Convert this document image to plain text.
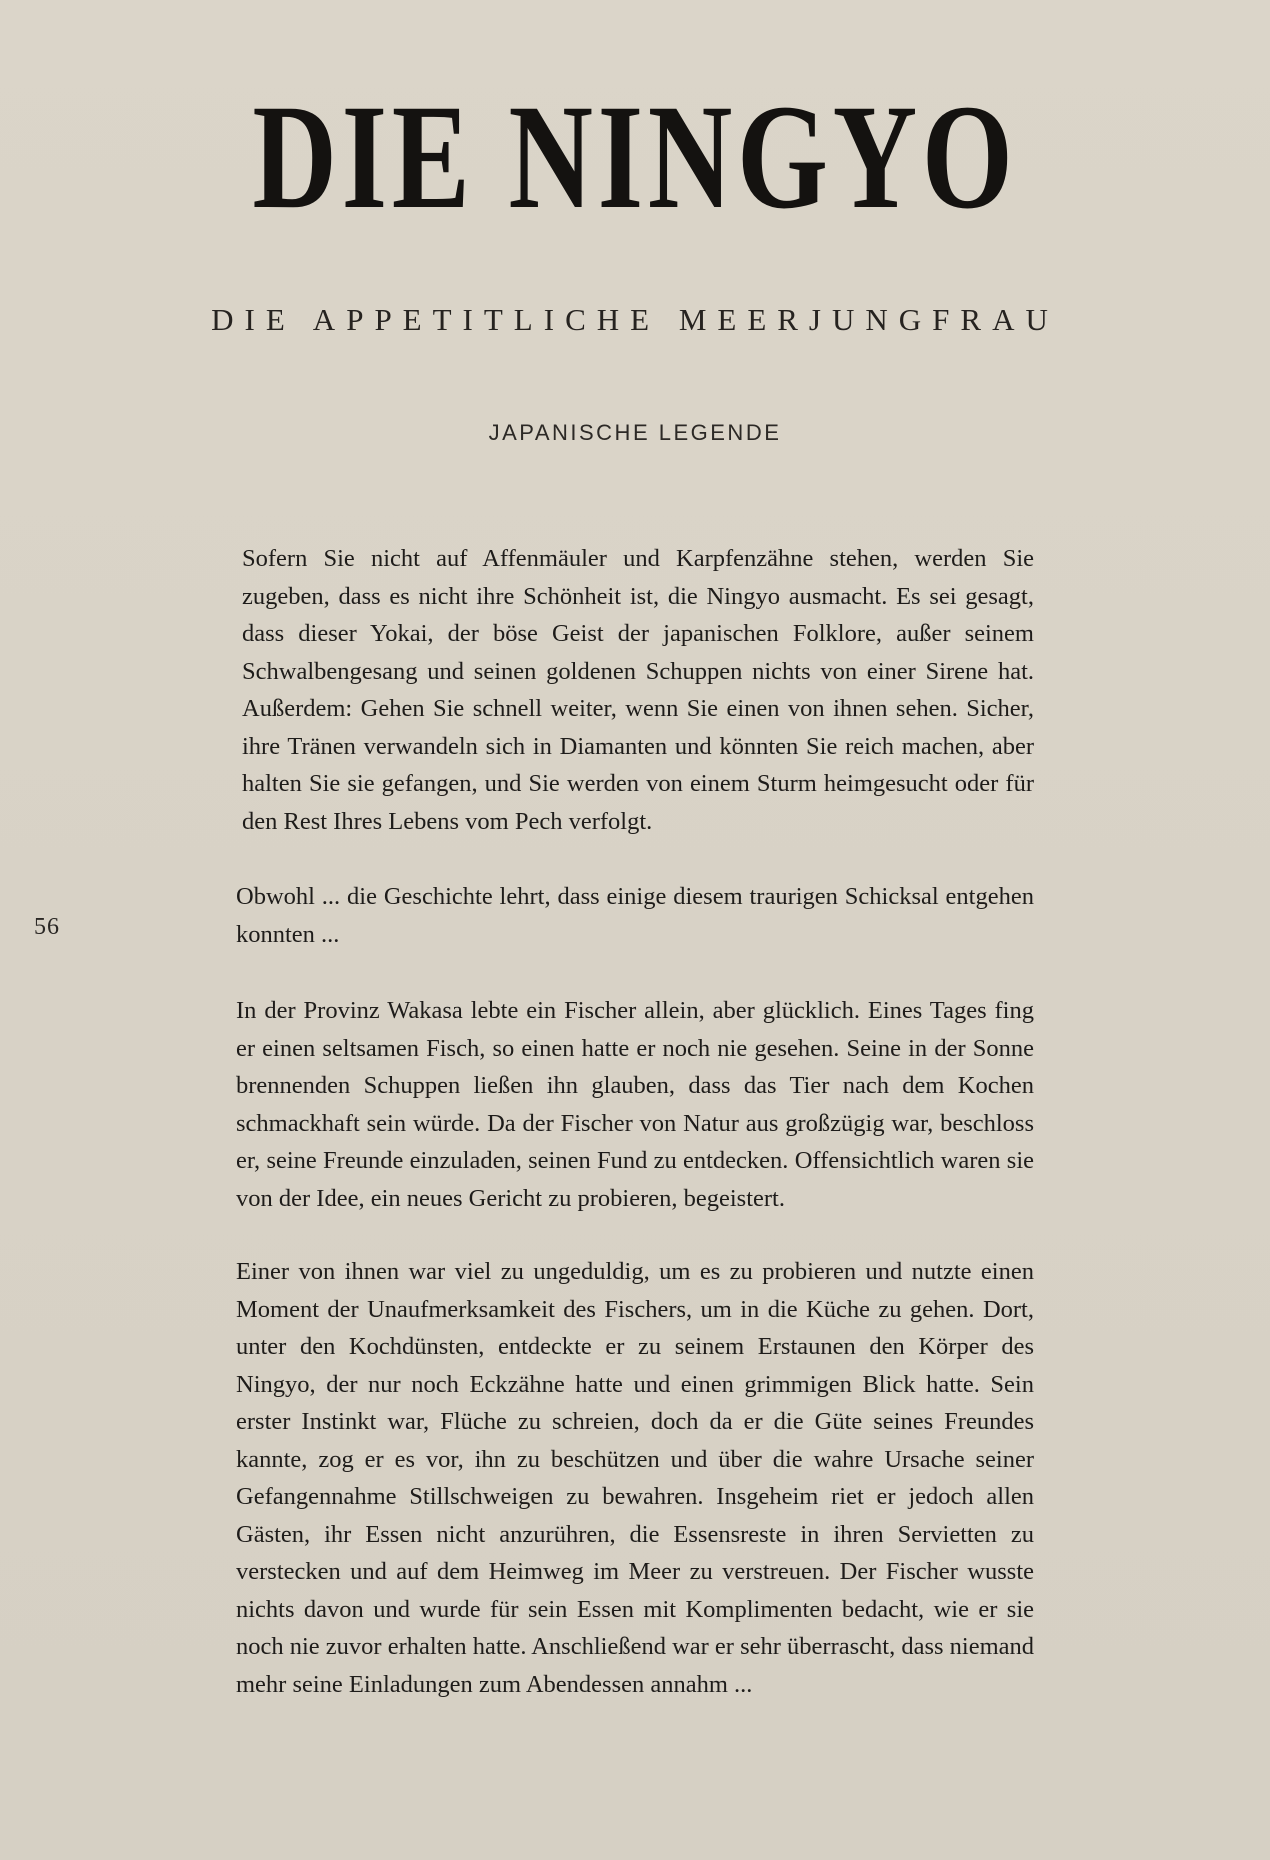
DIE NINGYO
DIE APPETITLICHE MEERJUNGFRAU
JAPANISCHE LEGENDE
56

Sofern Sie nicht auf Affenmäuler und Karpfenzähne stehen, werden Sie zugeben, dass es nicht ihre Schönheit ist, die Ningyo ausmacht. Es sei gesagt, dass dieser Yokai, der böse Geist der japanischen Folklore, außer seinem Schwalbengesang und seinen goldenen Schuppen nichts von einer Sirene hat. Außerdem: Gehen Sie schnell weiter, wenn Sie einen von ihnen sehen. Sicher, ihre Tränen verwandeln sich in Diamanten und könnten Sie reich machen, aber halten Sie sie gefangen, und Sie werden von einem Sturm heimgesucht oder für den Rest Ihres Lebens vom Pech verfolgt.

Obwohl ... die Geschichte lehrt, dass einige diesem traurigen Schicksal entgehen konnten ...

In der Provinz Wakasa lebte ein Fischer allein, aber glücklich. Eines Tages fing er einen seltsamen Fisch, so einen hatte er noch nie gesehen. Seine in der Sonne brennenden Schuppen ließen ihn glauben, dass das Tier nach dem Kochen schmackhaft sein würde. Da der Fischer von Natur aus großzügig war, beschloss er, seine Freunde einzuladen, seinen Fund zu entdecken. Offensichtlich waren sie von der Idee, ein neues Gericht zu probieren, begeistert.

Einer von ihnen war viel zu ungeduldig, um es zu probieren und nutzte einen Moment der Unaufmerksamkeit des Fischers, um in die Küche zu gehen. Dort, unter den Kochdünsten, entdeckte er zu seinem Erstaunen den Körper des Ningyo, der nur noch Eckzähne hatte und einen grimmigen Blick hatte. Sein erster Instinkt war, Flüche zu schreien, doch da er die Güte seines Freundes kannte, zog er es vor, ihn zu beschützen und über die wahre Ursache seiner Gefangennahme Stillschweigen zu bewahren. Insgeheim riet er jedoch allen Gästen, ihr Essen nicht anzurühren, die Essensreste in ihren Servietten zu verstecken und auf dem Heimweg im Meer zu verstreuen. Der Fischer wusste nichts davon und wurde für sein Essen mit Komplimenten bedacht, wie er sie noch nie zuvor erhalten hatte. Anschließend war er sehr überrascht, dass niemand mehr seine Einladungen zum Abendessen annahm ...
